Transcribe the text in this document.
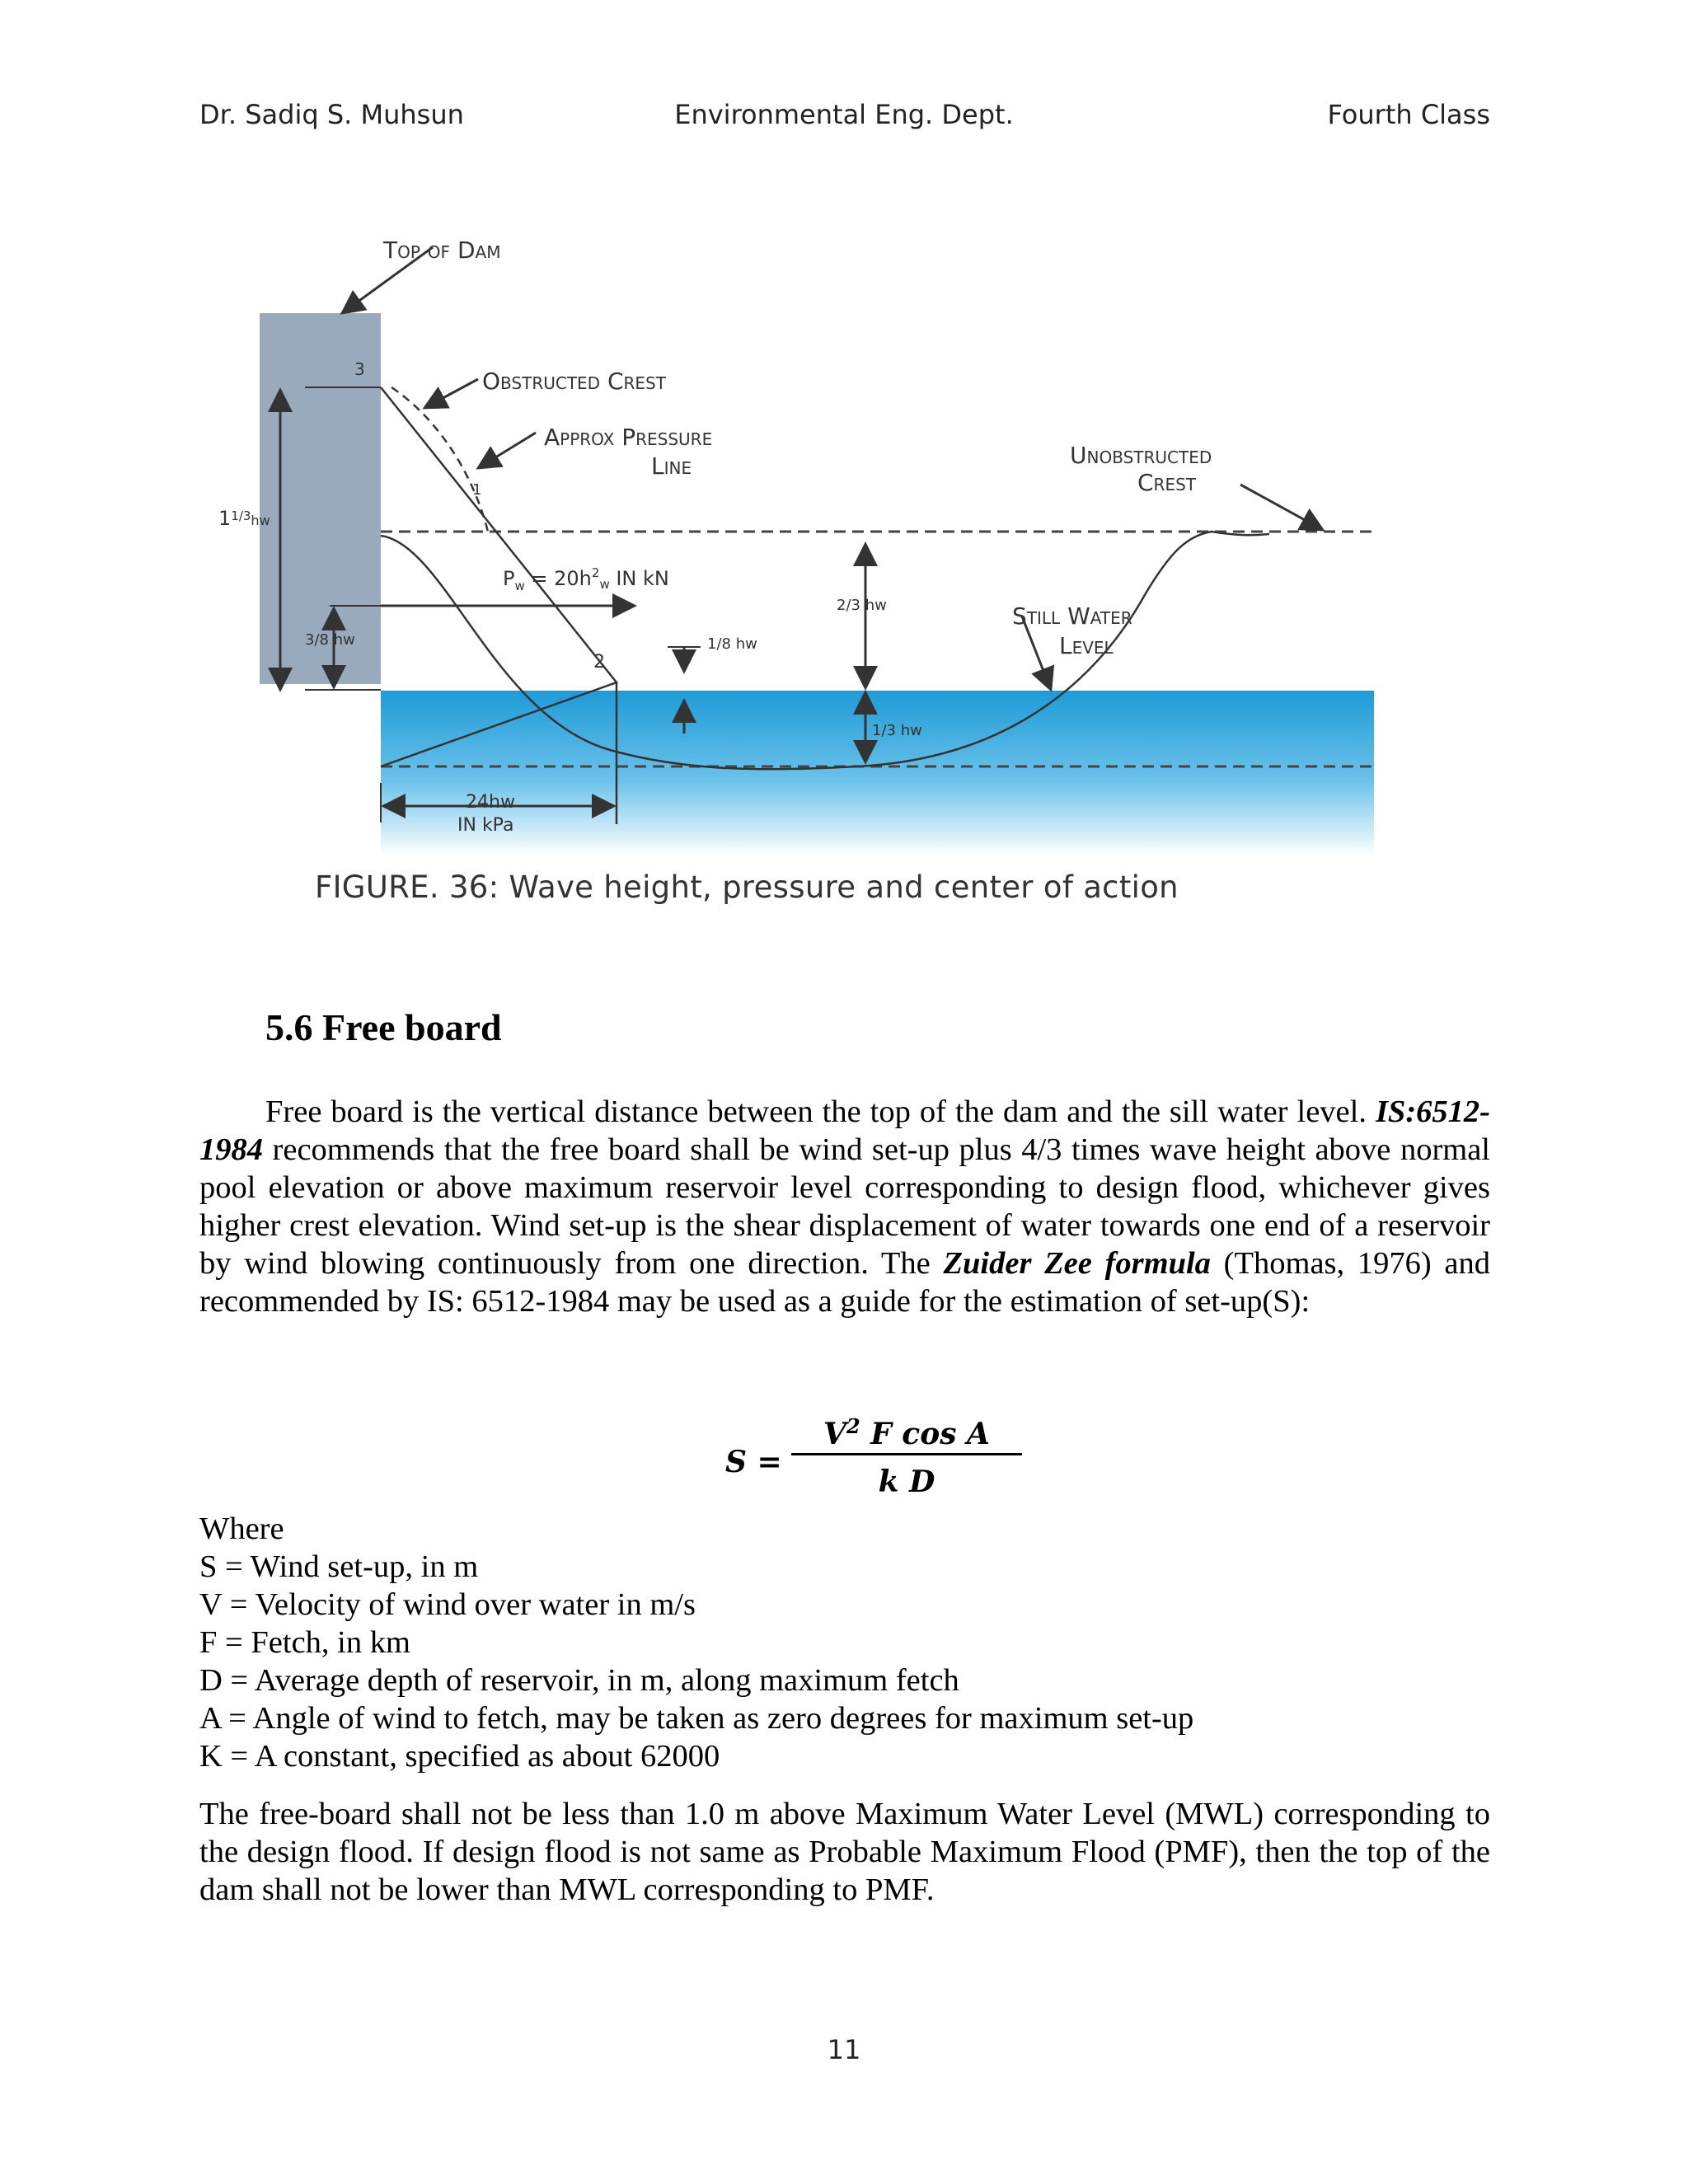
Dr. Sadiq S. Muhsun	Environmental Eng. Dept.	Fourth Class
Top of Dam
Obstructed Crest
Approx Pressure
Line	Unobstructed
Crest
Still Water
Level
3
1
2
$P_w = 20h^2_w$ IN kN
$1^{1/3}_{hw}$
3/8 hw
2/3 hw
1/8 hw
1/3 hw
24hw
IN kPa
FIGURE. 36: Wave height, pressure and center of action
5.6 Free board

Free board is the vertical distance between the top of the dam and the sill water level. IS:6512-1984 recommends that the free board shall be wind set-up plus 4/3 times wave height above normal pool elevation or above maximum reservoir level corresponding to design flood, whichever gives higher crest elevation. Wind set-up is the shear displacement of water towards one end of a reservoir by wind blowing continuously from one direction. The Zuider Zee formula (Thomas, 1976) and recommended by IS: 6512-1984 may be used as a guide for the estimation of set-up(S):

S =
$V^2$ F cos A
k D
Where
S = Wind set-up, in m
V = Velocity of wind over water in m/s
F = Fetch, in km
D = Average depth of reservoir, in m, along maximum fetch
A = Angle of wind to fetch, may be taken as zero degrees for maximum set-up
K = A constant, specified as about 62000
The free-board shall not be less than 1.0 m above Maximum Water Level (MWL) corresponding to the design flood. If design flood is not same as Probable Maximum Flood (PMF), then the top of the dam shall not be lower than MWL corresponding to PMF.
11
